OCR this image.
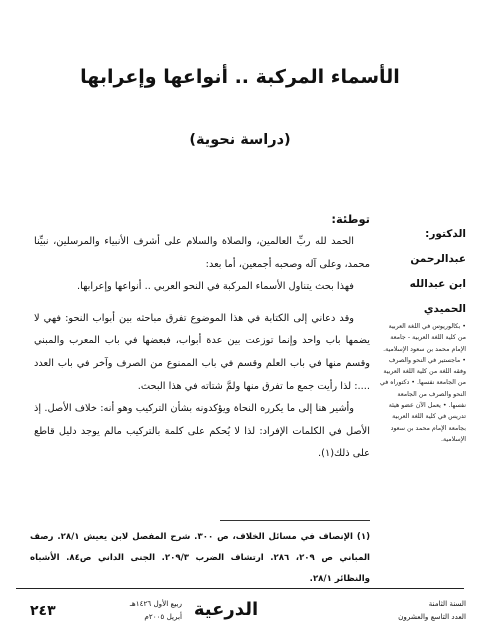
الأسماء المركبة .. أنواعها وإعرابها
(دراسة نحوية)
الدكتور:
عبدالرحمن
ابن عبدالله
الحميدي
• بكالوريوس في اللغة العربية من كلية اللغة العربية - جامعة الإمام محمد بن سعود الإسلامية. • ماجستير في النحو والصرف وفقه اللغة من كلية اللغة العربية من الجامعة نفسها. • دكتوراه في النحو والصرف من الجامعة نفسها. • يعمل الآن عضو هيئة تدريس في كلية اللغة العربية بجامعة الإمام محمد بن سعود الإسلامية.
توطئة:

الحمد لله ربِّ العالمين، والصلاة والسلام على أشرف الأنبياء والمرسلين، نبيِّنا محمد، وعلى آله وصحبه أجمعين، أما بعد:

فهذا بحث يتناول الأسماء المركبة في النحو العربي .. أنواعها وإعرابها.

وقد دعاني إلى الكتابة في هذا الموضوع تفرق مباحثه بين أبواب النحو: فهي لا يضمها باب واحد وإنما توزعت بين عدة أبواب، فبعضها في باب المعرب والمبني وقسم منها في باب العلم وقسم في باب الممنوع من الصرف وآخر في باب العدد ....: لذا رأيت جمع ما تفرق منها ولمَّ شتاته في هذا البحث.

وأشير هنا إلى ما يكرره النحاة ويؤكدونه بشأن التركيب وهو أنه: خلاف الأصل. إذ الأصل في الكلمات الإفراد: لذا لا يُحكم على كلمة بالتركيب مالم يوجد دليل قاطع على ذلك(١).

(١) الإنصاف في مسائل الخلاف، ص ٣٠٠. شرح المفصل لابن يعيش ٢٨/١. رصف المباني ص ٢٠٩، ٢٨٦. ارتشاف الضرب ٢٠٩/٣. الجنى الداني ص٨٤. الأشباه والنظائر ٢٨/١.
السنة الثامنة
العدد التاسع والعشرون
الدرعية
ربيع الأول ١٤٢٦هـ
أبريل ٢٠٠٥م
٢٤٣
